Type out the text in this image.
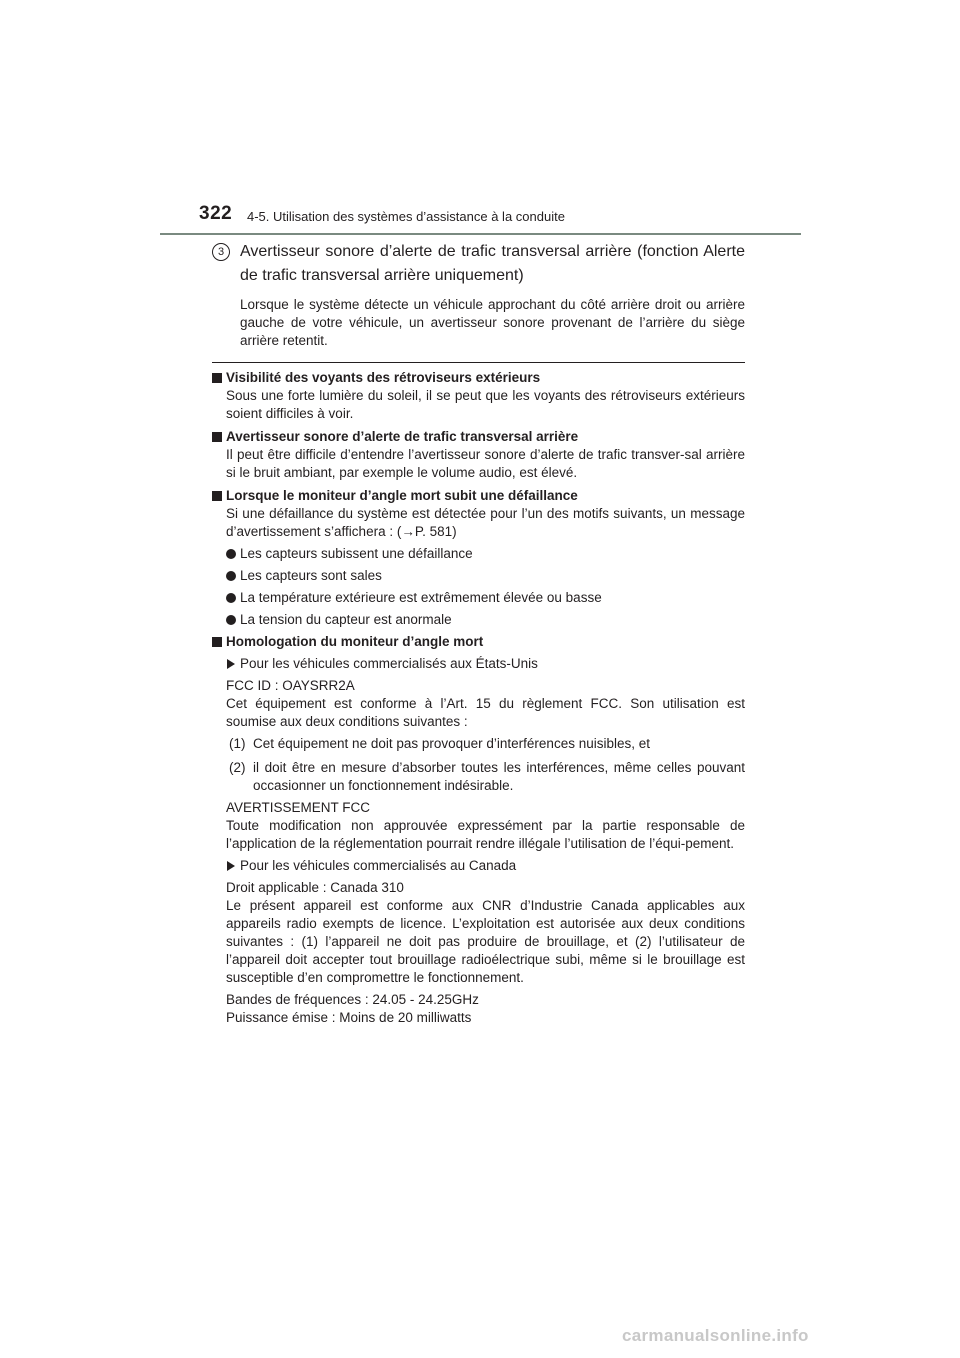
322 4-5. Utilisation des systèmes d’assistance à la conduite
3 Avertisseur sonore d’alerte de trafic transversal arrière (fonction Alerte de trafic transversal arrière uniquement)
Lorsque le système détecte un véhicule approchant du côté arrière droit ou arrière gauche de votre véhicule, un avertisseur sonore provenant de l’arrière du siège arrière retentit.
Visibilité des voyants des rétroviseurs extérieurs
Sous une forte lumière du soleil, il se peut que les voyants des rétroviseurs extérieurs soient difficiles à voir.
Avertisseur sonore d’alerte de trafic transversal arrière
Il peut être difficile d’entendre l’avertisseur sonore d’alerte de trafic transver-sal arrière si le bruit ambiant, par exemple le volume audio, est élevé.
Lorsque le moniteur d’angle mort subit une défaillance
Si une défaillance du système est détectée pour l’un des motifs suivants, un message d’avertissement s’affichera : (→P. 581)
Les capteurs subissent une défaillance
Les capteurs sont sales
La température extérieure est extrêmement élevée ou basse
La tension du capteur est anormale
Homologation du moniteur d’angle mort
Pour les véhicules commercialisés aux États-Unis
FCC ID : OAYSRR2A
Cet équipement est conforme à l’Art. 15 du règlement FCC. Son utilisation est soumise aux deux conditions suivantes :
(1) Cet équipement ne doit pas provoquer d’interférences nuisibles, et
(2) il doit être en mesure d’absorber toutes les interférences, même celles pouvant occasionner un fonctionnement indésirable.
AVERTISSEMENT FCC
Toute modification non approuvée expressément par la partie responsable de l’application de la réglementation pourrait rendre illégale l’utilisation de l’équi-pement.
Pour les véhicules commercialisés au Canada
Droit applicable : Canada 310
Le présent appareil est conforme aux CNR d’Industrie Canada applicables aux appareils radio exempts de licence. L’exploitation est autorisée aux deux conditions suivantes : (1) l’appareil ne doit pas produire de brouillage, et (2) l’utilisateur de l’appareil doit accepter tout brouillage radioélectrique subi, même si le brouillage est susceptible d’en compromettre le fonctionnement.
Bandes de fréquences : 24.05 - 24.25GHz
Puissance émise : Moins de 20 milliwatts
carmanualsonline.info
